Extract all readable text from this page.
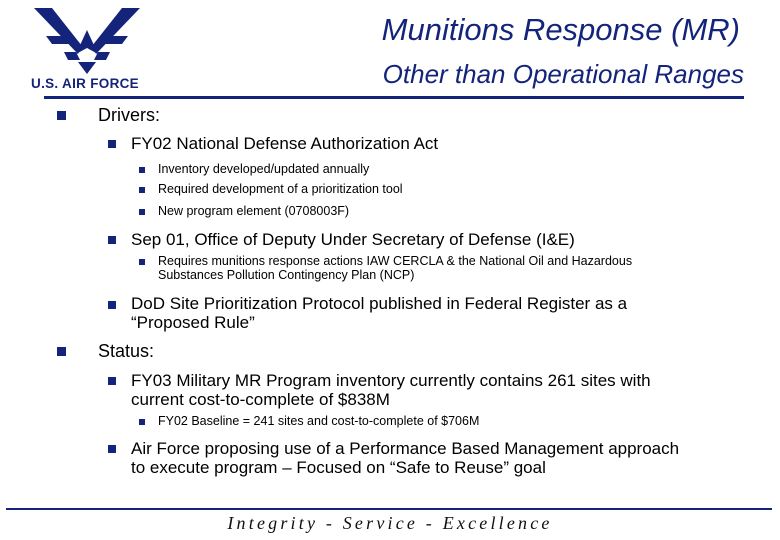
U.S. AIR FORCE
Munitions Response (MR)
Other than Operational Ranges
Drivers:
FY02 National Defense Authorization Act
Inventory developed/updated annually
Required development of a prioritization tool
New program element (0708003F)
Sep 01, Office of Deputy Under Secretary of Defense (I&E)
Requires munitions response actions IAW CERCLA & the National Oil and Hazardous
Substances Pollution Contingency Plan (NCP)
DoD Site Prioritization Protocol published in Federal Register as a
“Proposed Rule”
Status:
FY03 Military MR Program inventory currently contains 261 sites with
current cost-to-complete of $838M
FY02 Baseline = 241 sites and cost-to-complete of $706M
Air Force proposing use of a Performance Based Management approach
to execute program – Focused on “Safe to Reuse” goal
Integrity - Service - Excellence
